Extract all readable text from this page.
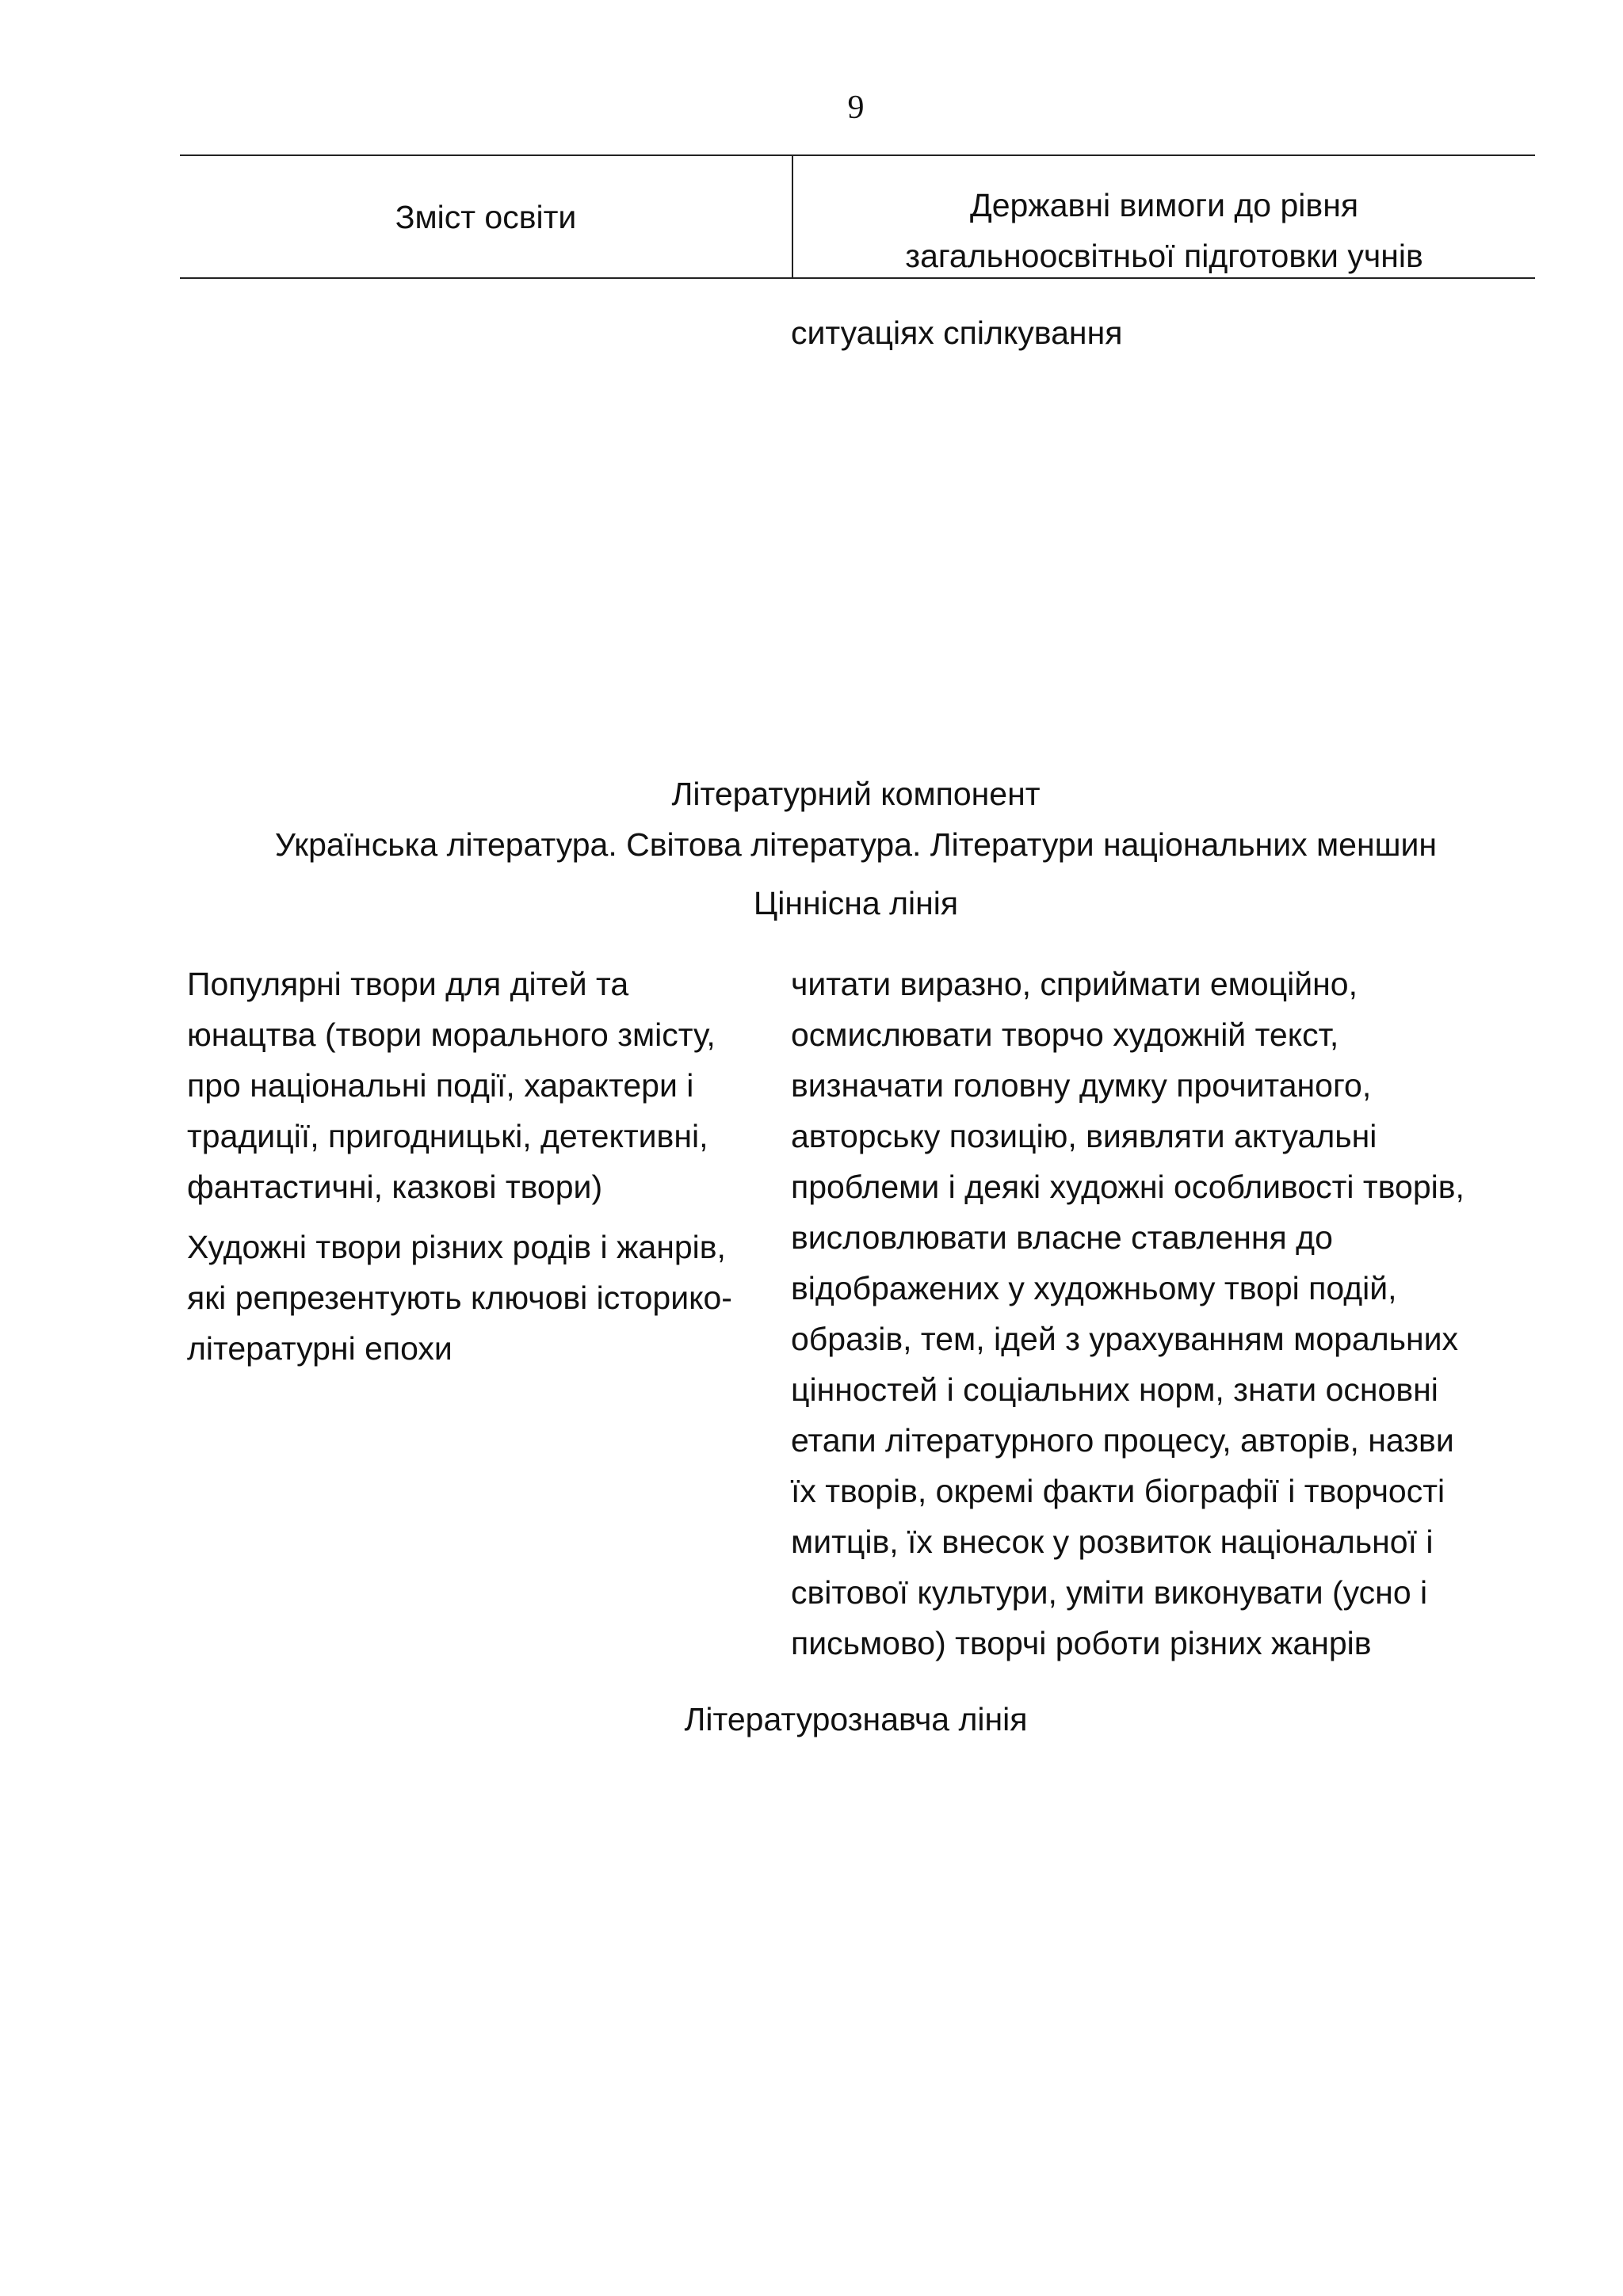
9
Зміст освіти	Державні вимоги до рівня
загальноосвітньої підготовки учнів
ситуаціях спілкування
Літературний компонент
Українська література. Світова література. Літератури національних меншин
Ціннісна лінія

Популярні твори для дітей та
юнацтва (твори морального змісту,
про національні події, характери і
традиції, пригодницькі, детективні,
фантастичні, казкові твори)

Художні твори різних родів і жанрів,
які репрезентують ключові історико-
літературні епохи

читати виразно, сприймати емоційно,
осмислювати творчо художній текст,
визначати головну думку прочитаного,
авторську позицію, виявляти актуальні
проблеми і деякі художні особливості творів,
висловлювати власне ставлення до
відображених у художньому творі подій,
образів, тем, ідей з урахуванням моральних
цінностей і соціальних норм, знати основні
етапи літературного процесу, авторів, назви
їх творів, окремі факти біографії і творчості
митців, їх внесок у розвиток національної і
світової культури, уміти виконувати (усно і
письмово) творчі роботи різних жанрів

Літературознавча лінія
